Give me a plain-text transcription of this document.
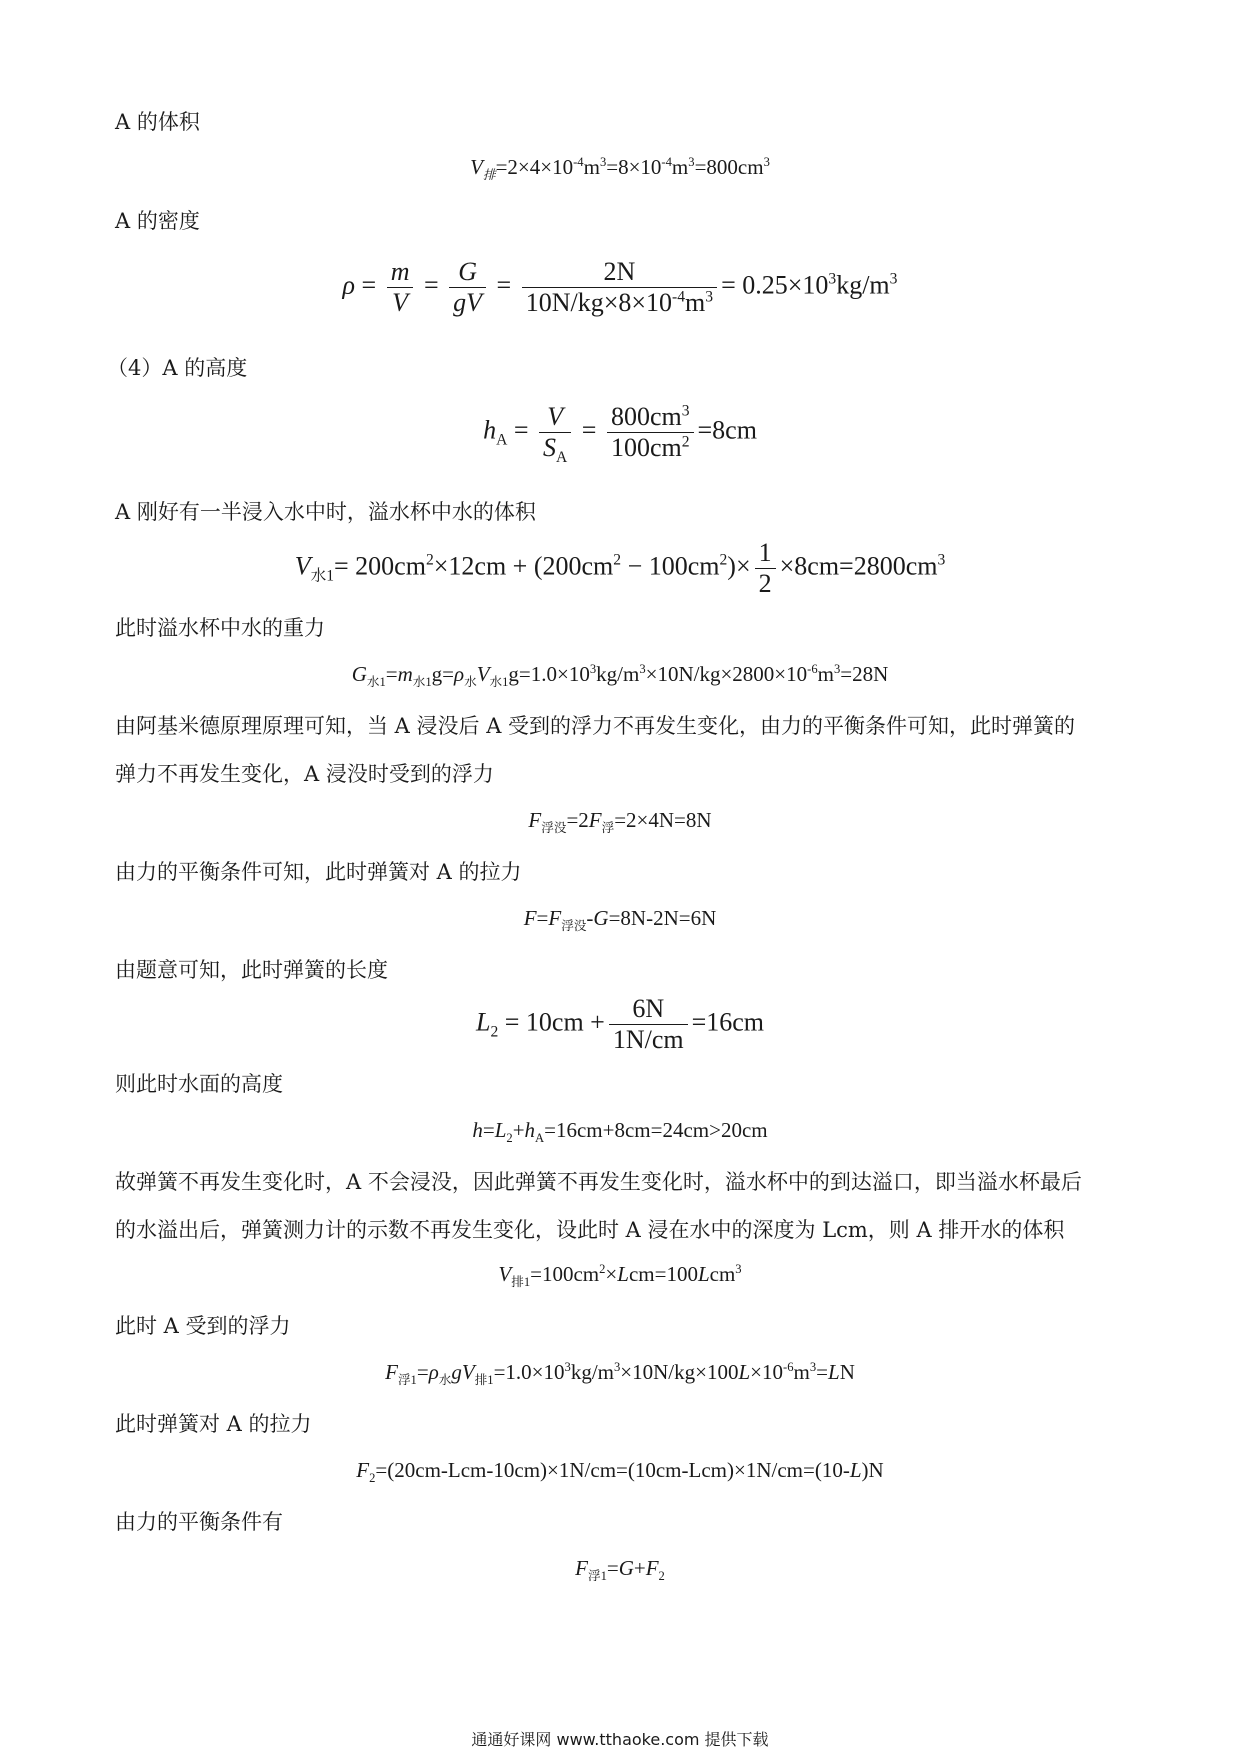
A 的体积
$V_排=2\times 4\times 10^{-4}m^3=8\times 10^{-4}m^3=800cm^3$
A 的密度
$\rho = \frac{m}{V} = \frac{G}{gV} = \frac{2N}{10N/kg\times 8\times 10^{-4}m^3} = 0.25\times 10^3kg/m^3$
（4）A 的高度
$h_A = \frac{V}{S_A} = \frac{800cm^3}{100cm^2} =8cm$
A 刚好有一半浸入水中时，溢水杯中水的体积
$V_{水1}= 200cm^2\times 12cm + (200cm^2 - 100cm^2)\times \frac{1}{2} \times 8cm=2800cm^3$
此时溢水杯中水的重力
$G_{水1}=m_{水1}g=\rho_水V_{水1}g=1.0\times 10^3kg/m^3\times 10N/kg\times 2800\times 10^{-6}m^3=28N$
由阿基米德原理原理可知，当 A 浸没后 A 受到的浮力不再发生变化，由力的平衡条件可知，此时弹簧的
弹力不再发生变化，A 浸没时受到的浮力
$F_{浮没}=2F_浮=2\times 4N=8N$
由力的平衡条件可知，此时弹簧对 A 的拉力
$F=F_{浮没}-G=8N-2N=6N$
由题意可知，此时弹簧的长度
$L_2 = 10cm + \frac{6N}{1N/cm} =16cm$
则此时水面的高度
$h=L_2+h_A=16cm+8cm=24cm>20cm$
故弹簧不再发生变化时，A 不会浸没，因此弹簧不再发生变化时，溢水杯中的到达溢口，即当溢水杯最后
的水溢出后，弹簧测力计的示数不再发生变化，设此时 A 浸在水中的深度为 Lcm，则 A 排开水的体积
$V_{排1}=100cm^2\times Lcm=100Lcm^3$
此时 A 受到的浮力
$F_{浮1}=\rho_水gV_{排1}=1.0\times 10^3kg/m^3\times 10N/kg\times 100L\times 10^{-6}m^3=LN$
此时弹簧对 A 的拉力
$F_2=(20cm-Lcm-10cm)\times 1N/cm=(10cm-Lcm)\times 1N/cm=(10-L)N$
由力的平衡条件有
$F_{浮1}=G+F_2$
通通好课网 www.tthaoke.com 提供下载
